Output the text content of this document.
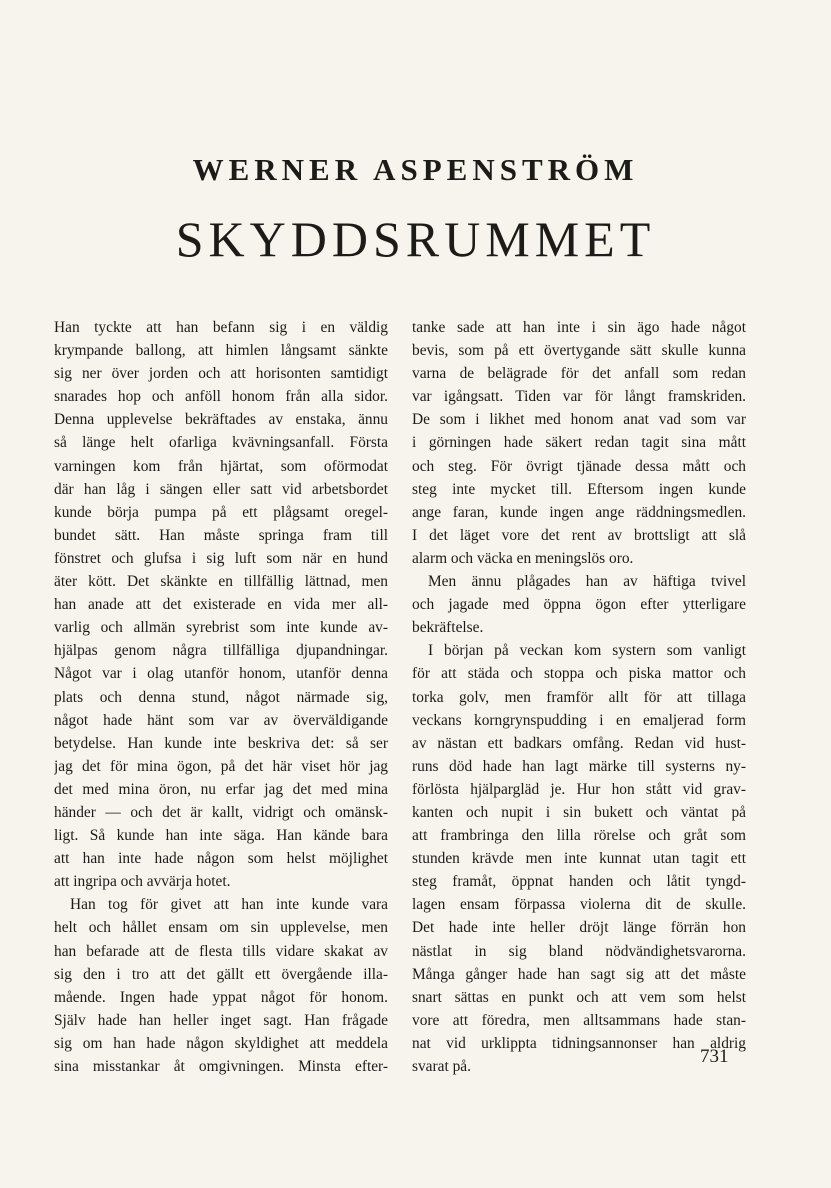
WERNER ASPENSTRÖM
SKYDDSRUMMET
Han tyckte att han befann sig i en väldig
krympande ballong, att himlen långsamt sänkte
sig ner över jorden och att horisonten samtidigt
snarades hop och anföll honom från alla sidor.
Denna upplevelse bekräftades av enstaka, ännu
så länge helt ofarliga kvävningsanfall. Första
varningen kom från hjärtat, som oförmodat
där han låg i sängen eller satt vid arbetsbordet
kunde börja pumpa på ett plågsamt oregel-
bundet sätt. Han måste springa fram till
fönstret och glufsa i sig luft som när en hund
äter kött. Det skänkte en tillfällig lättnad, men
han anade att det existerade en vida mer all-
varlig och allmän syrebrist som inte kunde av-
hjälpas genom några tillfälliga djupandningar.
Något var i olag utanför honom, utanför denna
plats och denna stund, något närmade sig,
något hade hänt som var av överväldigande
betydelse. Han kunde inte beskriva det: så ser
jag det för mina ögon, på det här viset hör jag
det med mina öron, nu erfar jag det med mina
händer — och det är kallt, vidrigt och omänsk-
ligt. Så kunde han inte säga. Han kände bara
att han inte hade någon som helst möjlighet
att ingripa och avvärja hotet.
Han tog för givet att han inte kunde vara
helt och hållet ensam om sin upplevelse, men
han befarade att de flesta tills vidare skakat av
sig den i tro att det gällt ett övergående illa-
mående. Ingen hade yppat något för honom.
Själv hade han heller inget sagt. Han frågade
sig om han hade någon skyldighet att meddela
sina misstankar åt omgivningen. Minsta efter-
tanke sade att han inte i sin ägo hade något
bevis, som på ett övertygande sätt skulle kunna
varna de belägrade för det anfall som redan
var igångsatt. Tiden var för långt framskriden.
De som i likhet med honom anat vad som var
i görningen hade säkert redan tagit sina mått
och steg. För övrigt tjänade dessa mått och
steg inte mycket till. Eftersom ingen kunde
ange faran, kunde ingen ange räddningsmedlen.
I det läget vore det rent av brottsligt att slå
alarm och väcka en meningslös oro.
Men ännu plågades han av häftiga tvivel
och jagade med öppna ögon efter ytterligare
bekräftelse.
I början på veckan kom systern som vanligt
för att städa och stoppa och piska mattor och
torka golv, men framför allt för att tillaga
veckans korngrynspudding i en emaljerad form
av nästan ett badkars omfång. Redan vid hust-
runs död hade han lagt märke till systerns ny-
förlösta hjälpargläd je. Hur hon stått vid grav-
kanten och nupit i sin bukett och väntat på
att frambringa den lilla rörelse och gråt som
stunden krävde men inte kunnat utan tagit ett
steg framåt, öppnat handen och låtit tyngd-
lagen ensam förpassa violerna dit de skulle.
Det hade inte heller dröjt länge förrän hon
nästlat in sig bland nödvändighetsvarorna.
Många gånger hade han sagt sig att det måste
snart sättas en punkt och att vem som helst
vore att föredra, men alltsammans hade stan-
nat vid urklippta tidningsannonser han aldrig
svarat på.	731
